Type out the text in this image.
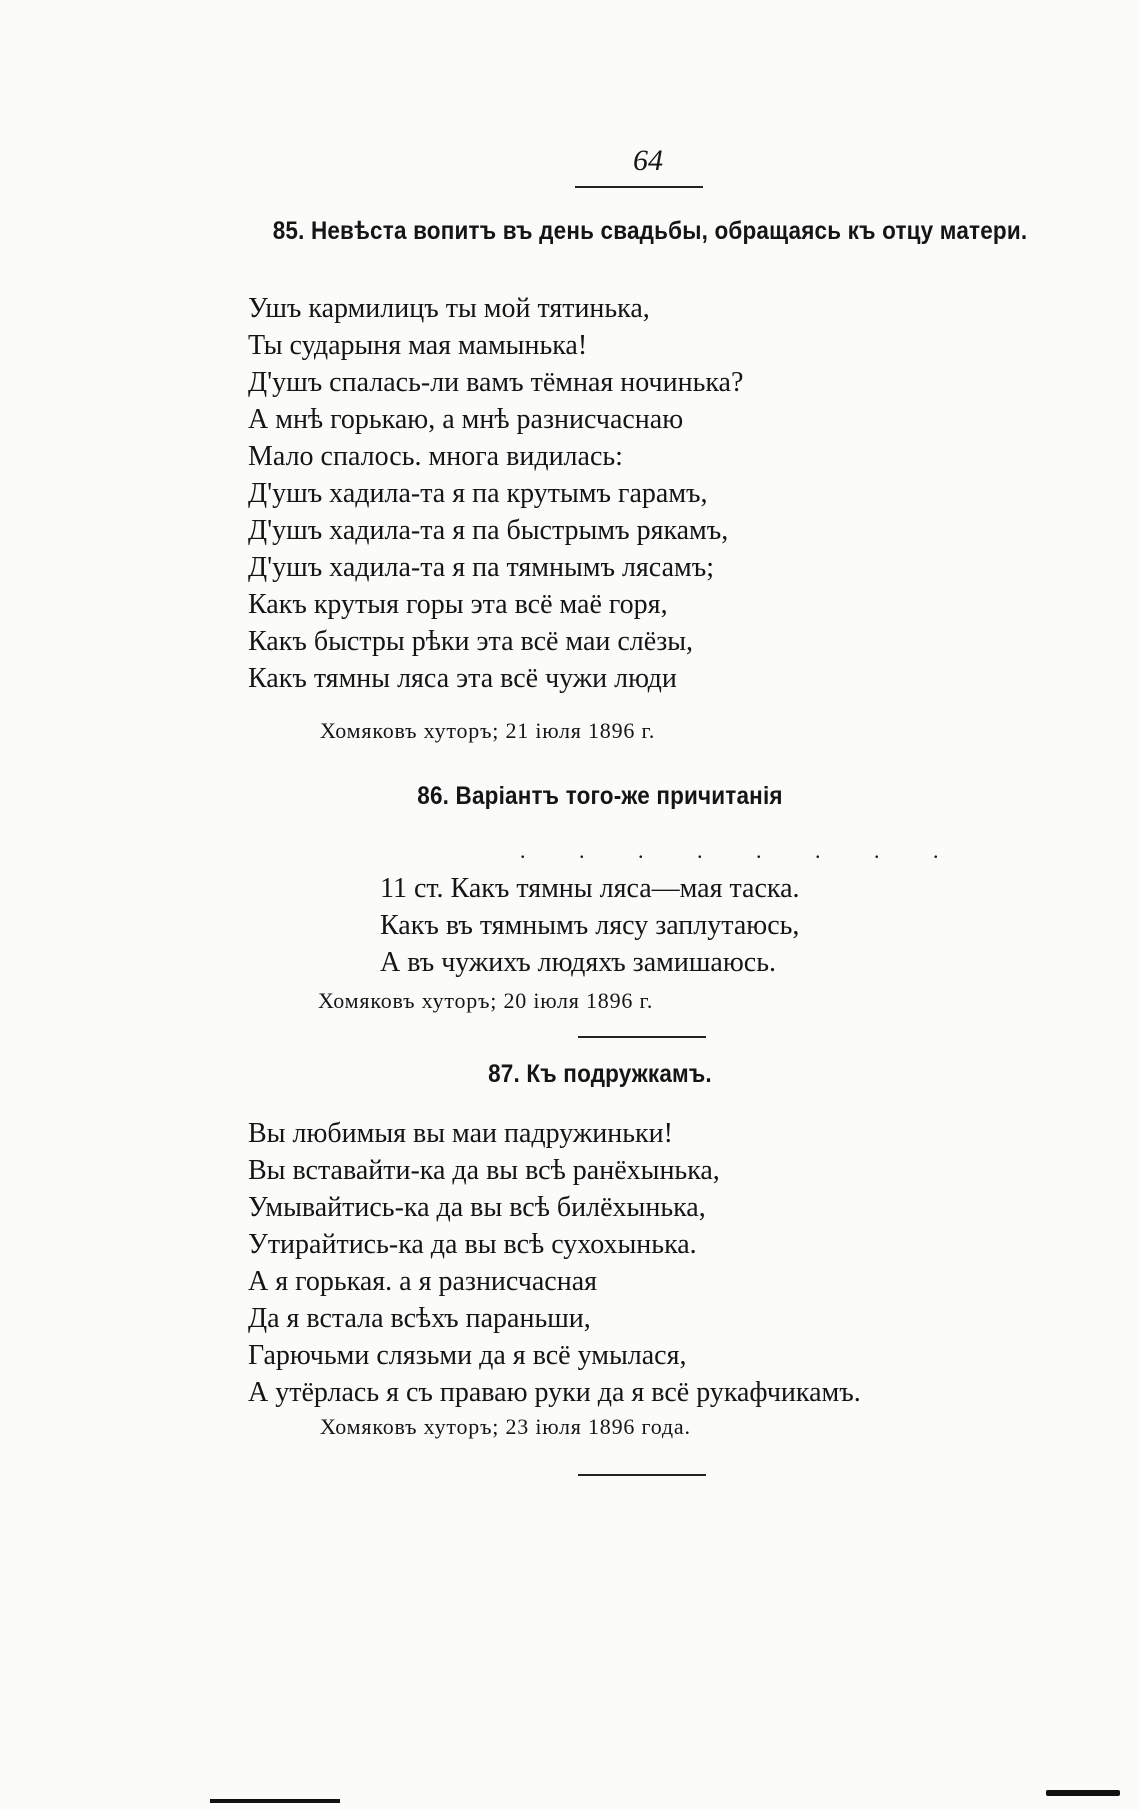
64
85. Невѣста вопитъ въ день свадьбы, обращаясь къ отцу матери.
Ушъ кармилицъ ты мой тятинька,
Ты сударыня мая мамынька!
Д'ушъ спалась-ли вамъ тёмная ночинька?
А мнѣ горькаю, а мнѣ разнисчаснаю
Мало спалось. многа видилась:
Д'ушъ хадила-та я па крутымъ гарамъ,
Д'ушъ хадила-та я па быстрымъ рякамъ,
Д'ушъ хадила-та я па тямнымъ лясамъ;
Какъ крутыя горы эта всё маё горя,
Какъ быстры рѣки эта всё маи слёзы,
Какъ тямны ляса эта всё чужи люди
Хомяковъ хуторъ; 21 іюля 1896 г.
86. Варіантъ того-же причитанія
. . . . . . . .
11 ст. Какъ тямны ляса—мая таска.
Какъ въ тямнымъ лясу заплутаюсь,
А въ чужихъ людяхъ замишаюсь.
Хомяковъ хуторъ; 20 іюля 1896 г.
87. Къ подружкамъ.
Вы любимыя вы маи падружиньки!
Вы вставайти-ка да вы всѣ ранёхынька,
Умывайтись-ка да вы всѣ билёхынька,
Утирайтись-ка да вы всѣ сухохынька.
А я горькая. а я разнисчасная
Да я встала всѣхъ параньши,
Гарючьми слязьми да я всё умылася,
А утёрлась я съ праваю руки да я всё рукафчикамъ.
Хомяковъ хуторъ; 23 іюля 1896 года.
